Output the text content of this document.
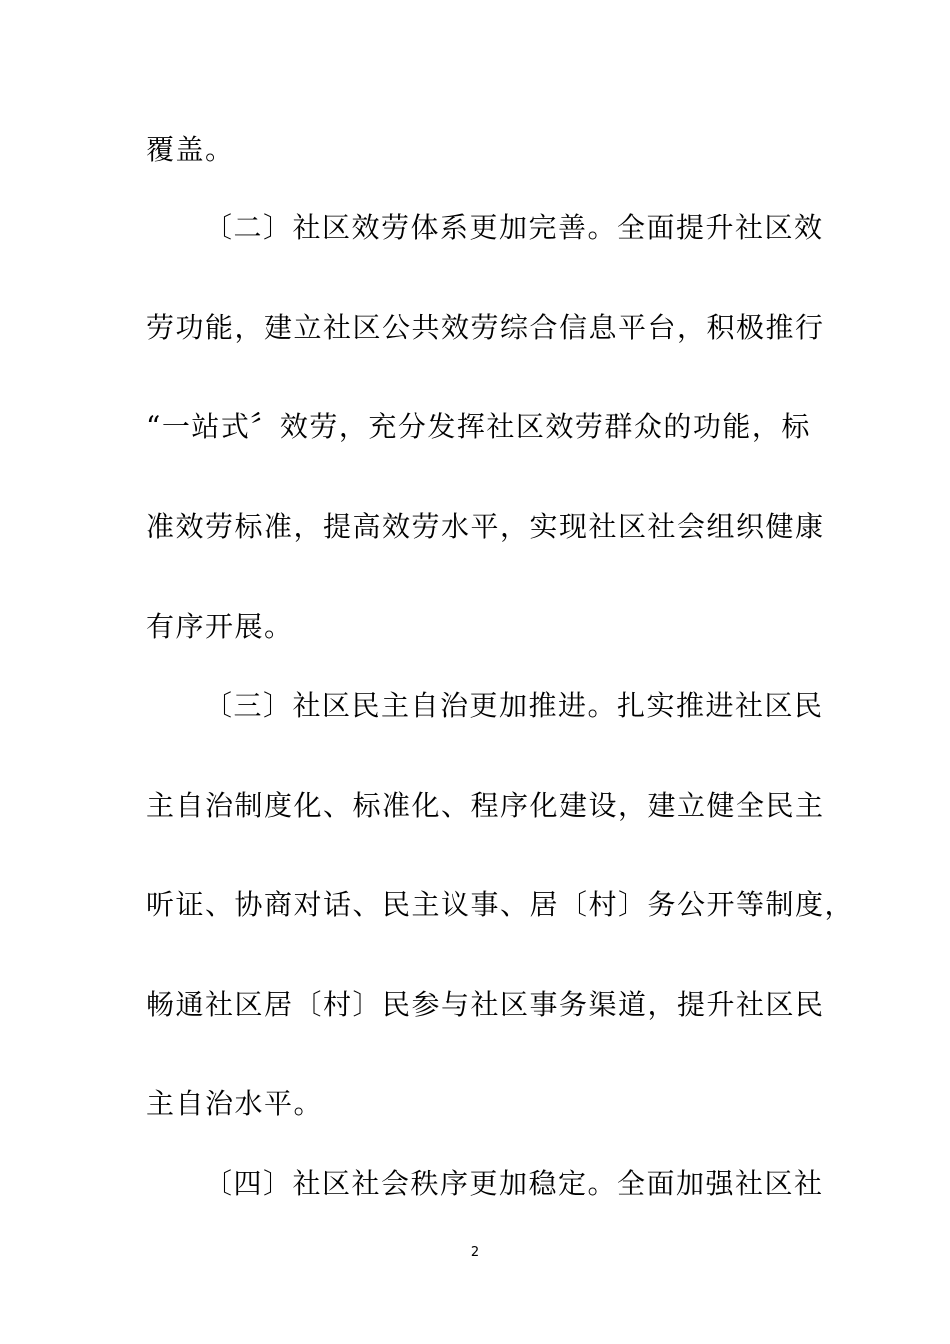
覆盖。
〔二〕社区效劳体系更加完善。全面提升社区效
劳功能，建立社区公共效劳综合信息平台，积极推行
“一站式〞效劳，充分发挥社区效劳群众的功能，标
准效劳标准，提高效劳水平，实现社区社会组织健康
有序开展。
〔三〕社区民主自治更加推进。扎实推进社区民
主自治制度化、标准化、程序化建设，建立健全民主
听证、协商对话、民主议事、居〔村〕务公开等制度，
畅通社区居〔村〕民参与社区事务渠道，提升社区民
主自治水平。
〔四〕社区社会秩序更加稳定。全面加强社区社
2
